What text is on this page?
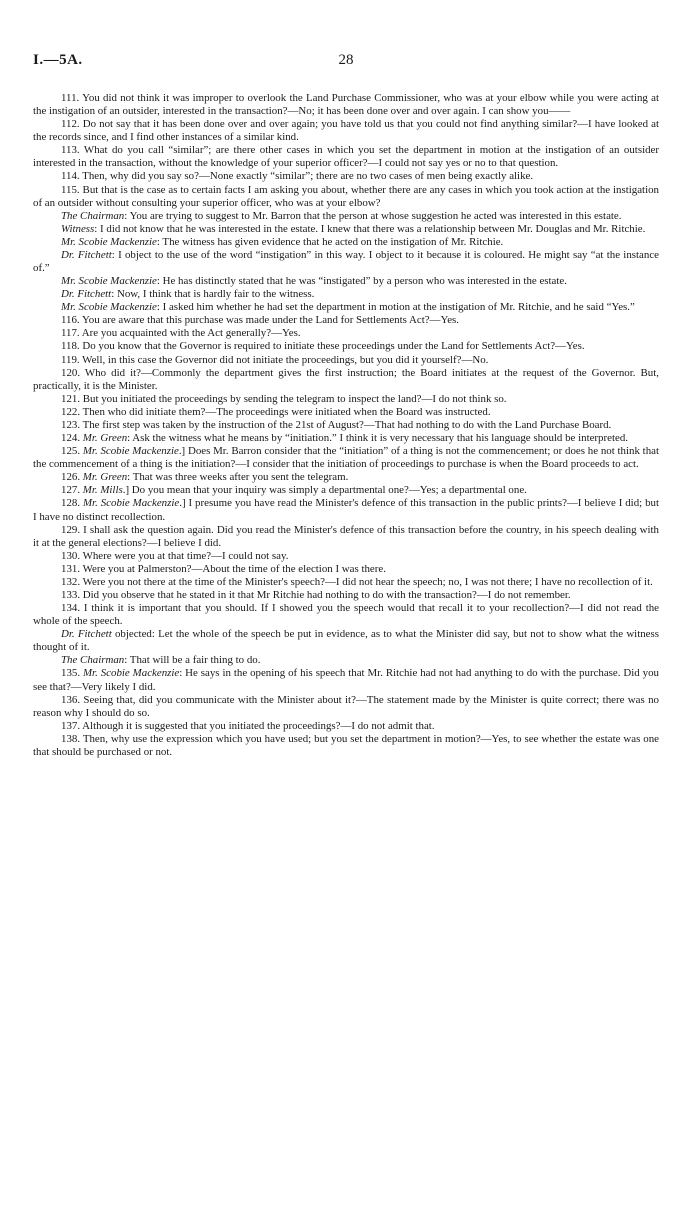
I.—5A.	28

111. You did not think it was improper to overlook the Land Purchase Commissioner, who was at your elbow while you were acting at the instigation of an outsider, interested in the transaction?—No; it has been done over and over again. I can show you——

112. Do not say that it has been done over and over again; you have told us that you could not find anything similar?—I have looked at the records since, and I find other instances of a similar kind.

113. What do you call “similar”; are there other cases in which you set the department in motion at the instigation of an outsider interested in the transaction, without the knowledge of your superior officer?—I could not say yes or no to that question.

114. Then, why did you say so?—None exactly “similar”; there are no two cases of men being exactly alike.

115. But that is the case as to certain facts I am asking you about, whether there are any cases in which you took action at the instigation of an outsider without consulting your superior officer, who was at your elbow?

The Chairman: You are trying to suggest to Mr. Barron that the person at whose suggestion he acted was interested in this estate.

Witness: I did not know that he was interested in the estate. I knew that there was a relationship between Mr. Douglas and Mr. Ritchie.

Mr. Scobie Mackenzie: The witness has given evidence that he acted on the instigation of Mr. Ritchie.

Dr. Fitchett: I object to the use of the word “instigation” in this way. I object to it because it is coloured. He might say “at the instance of.”

Mr. Scobie Mackenzie: He has distinctly stated that he was “instigated” by a person who was interested in the estate.

Dr. Fitchett: Now, I think that is hardly fair to the witness.

Mr. Scobie Mackenzie: I asked him whether he had set the department in motion at the instigation of Mr. Ritchie, and he said “Yes.”

116. You are aware that this purchase was made under the Land for Settlements Act?—Yes.

117. Are you acquainted with the Act generally?—Yes.

118. Do you know that the Governor is required to initiate these proceedings under the Land for Settlements Act?—Yes.

119. Well, in this case the Governor did not initiate the proceedings, but you did it yourself?—No.

120. Who did it?—Commonly the department gives the first instruction; the Board initiates at the request of the Governor. But, practically, it is the Minister.

121. But you initiated the proceedings by sending the telegram to inspect the land?—I do not think so.

122. Then who did initiate them?—The proceedings were initiated when the Board was instructed.

123. The first step was taken by the instruction of the 21st of August?—That had nothing to do with the Land Purchase Board.

124. Mr. Green: Ask the witness what he means by “initiation.” I think it is very necessary that his language should be interpreted.

125. Mr. Scobie Mackenzie.] Does Mr. Barron consider that the “initiation” of a thing is not the commencement; or does he not think that the commencement of a thing is the initiation?—I consider that the initiation of proceedings to purchase is when the Board proceeds to act.

126. Mr. Green: That was three weeks after you sent the telegram.

127. Mr. Mills.] Do you mean that your inquiry was simply a departmental one?—Yes; a departmental one.

128. Mr. Scobie Mackenzie.] I presume you have read the Minister's defence of this transaction in the public prints?—I believe I did; but I have no distinct recollection.

129. I shall ask the question again. Did you read the Minister's defence of this transaction before the country, in his speech dealing with it at the general elections?—I believe I did.

130. Where were you at that time?—I could not say.

131. Were you at Palmerston?—About the time of the election I was there.

132. Were you not there at the time of the Minister's speech?—I did not hear the speech; no, I was not there; I have no recollection of it.

133. Did you observe that he stated in it that Mr Ritchie had nothing to do with the transaction?—I do not remember.

134. I think it is important that you should. If I showed you the speech would that recall it to your recollection?—I did not read the whole of the speech.

Dr. Fitchett objected: Let the whole of the speech be put in evidence, as to what the Minister did say, but not to show what the witness thought of it.

The Chairman: That will be a fair thing to do.

135. Mr. Scobie Mackenzie: He says in the opening of his speech that Mr. Ritchie had not had anything to do with the purchase. Did you see that?—Very likely I did.

136. Seeing that, did you communicate with the Minister about it?—The statement made by the Minister is quite correct; there was no reason why I should do so.

137. Although it is suggested that you initiated the proceedings?—I do not admit that.

138. Then, why use the expression which you have used; but you set the department in motion?—Yes, to see whether the estate was one that should be purchased or not.
